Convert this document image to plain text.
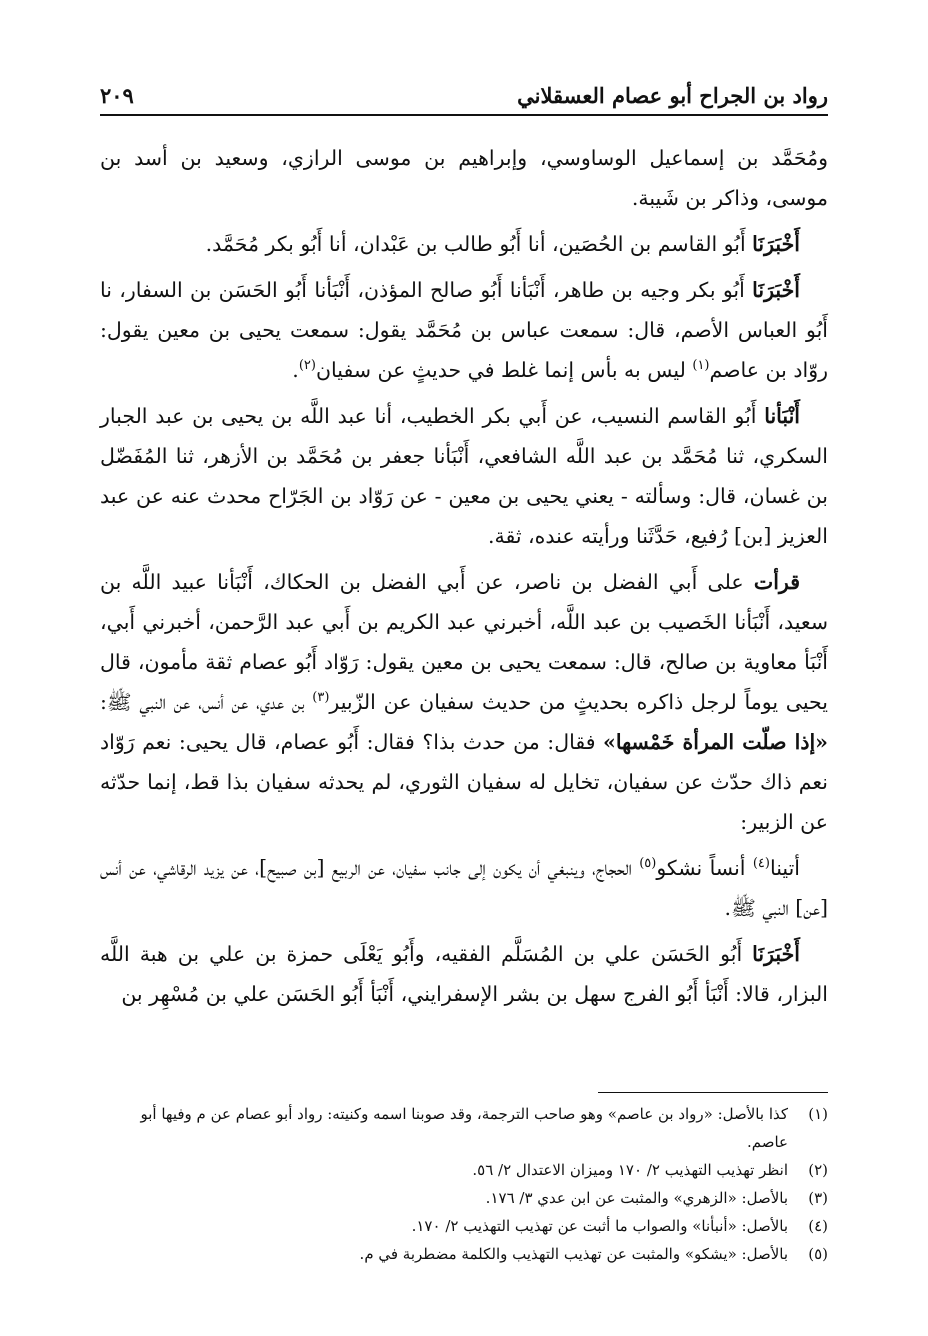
رواد بن الجراح أبو عصام العسقلاني
٢٠٩

ومُحَمَّد بن إسماعيل الوساوسي، وإبراهيم بن موسى الرازي، وسعيد بن أسد بن موسى، وذاكر بن شَيبة.

أَخْبَرَنَا أَبُو القاسم بن الحُصَين، أنا أَبُو طالب بن عَبْدان، أنا أَبُو بكر مُحَمَّد.

أَخْبَرَنَا أَبُو بكر وجيه بن طاهر، أَنْبَأنا أَبُو صالح المؤذن، أَنْبَأنا أَبُو الحَسَن بن السفار، نا أَبُو العباس الأصم، قال: سمعت عباس بن مُحَمَّد يقول: سمعت يحيى بن معين يقول: روّاد بن عاصم$^{(١)}$ ليس به بأس إنما غلط في حديثٍ عن سفيان$^{(٢)}$.

أَنْبَأنا أَبُو القاسم النسيب، عن أَبي بكر الخطيب، أنا عبد اللَّه بن يحيى بن عبد الجبار السكري، ثنا مُحَمَّد بن عبد اللَّه الشافعي، أَنْبَأنا جعفر بن مُحَمَّد بن الأزهر، ثنا المُفَضّل بن غسان، قال: وسألته - يعني يحيى بن معين - عن رَوّاد بن الجَرّاح محدث عنه عن عبد العزيز [بن] رُفيع، حَدَّثَنا ورأيته عنده، ثقة.

قرأت على أَبي الفضل بن ناصر، عن أَبي الفضل بن الحكاك، أَنْبَأنا عبيد اللَّه بن سعيد، أَنْبَأنا الخَصيب بن عبد اللَّه، أخبرني عبد الكريم بن أَبي عبد الرَّحمن، أخبرني أَبي، أَنْبَأ معاوية بن صالح، قال: سمعت يحيى بن معين يقول: رَوّاد أَبُو عصام ثقة مأمون، قال يحيى يوماً لرجل ذاكره بحديثٍ من حديث سفيان عن الزّبير$^{(٣)}$ بن عدي، عن أنس، عن النبي ﷺ: «إذا صلّت المرأة خَمْسها» فقال: من حدث بذا؟ فقال: أَبُو عصام، قال يحيى: نعم رَوّاد نعم ذاك حدّث عن سفيان، تخايل له سفيان الثوري، لم يحدثه سفيان بذا قط، إنما حدّثه عن الزبير:

أتينا$^{(٤)}$ أنساً نشكو$^{(٥)}$ الحجاج، وينبغي أن يكون إلى جانب سفيان، عن الربيع [بن صبيح]، عن يزيد الرقاشي، عن أنس [عن] النبي ﷺ.

أَخْبَرَنَا أَبُو الحَسَن علي بن المُسَلَّم الفقيه، وأَبُو يَعْلَى حمزة بن علي بن هبة اللَّه البزار، قالا: أَنْبَأ أَبُو الفرج سهل بن بشر الإسفرايني، أَنْبَأ أَبُو الحَسَن علي بن مُسْهِر بن

(١)
كذا بالأصل: «رواد بن عاصم» وهو صاحب الترجمة، وقد صوبنا اسمه وكنيته: رواد أبو عصام عن م وفيها أبو عاصم.
(٢)
انظر تهذيب التهذيب ٢/ ١٧٠ وميزان الاعتدال ٢/ ٥٦.
(٣)
بالأصل: «الزهري» والمثبت عن ابن عدي ٣/ ١٧٦.
(٤)
بالأصل: «أنبأنا» والصواب ما أثبت عن تهذيب التهذيب ٢/ ١٧٠.
(٥)
بالأصل: «يشكو» والمثبت عن تهذيب التهذيب والكلمة مضطربة في م.
